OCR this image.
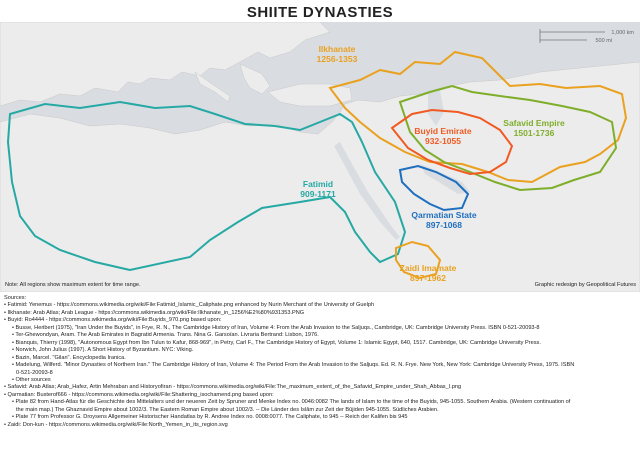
SHIITE DYNASTIES
Ilkhanate
1256-1353
Safavid Empire
1501-1736
Buyid Emirate
932-1055
Fatimid
909-1171
Qarmatian State
897-1068
Zaidi Imamate
897-1962
1,000 km
500 mi
Note: All regions show maximum extent for time range.	Graphic redesign by Geopolitical Futures
Sources:
• Fatimid: Yenemus - https://commons.wikimedia.org/wiki/File:Fatimid_Islamic_Caliphate.png enhanced by Nurin Merchant of the University of Guelph
• Ilkhanate: Arab Atlas; Arab League - https://commons.wikimedia.org/wiki/File:Ilkhanate_in_1256%E2%80%931353.PNG
• Buyid: Ro4444 - https://commons.wikimedia.org/wiki/File:Buyids_970.png based upon:
• Busse, Heribert (1975), "Iran Under the Buyids", in Frye, R. N., The Cambridge History of Iran, Volume 4: From the Arab Invasion to the Saljuqs., Cambridge, UK: Cambridge University Press. ISBN 0-521-20093-8
• Ter-Ghewondyan, Aram. The Arab Emirates in Bagratid Armenia. Trans. Nina G. Garsoïan. Livraria Bertrand: Lisbon, 1976.
• Bianquis, Thierry (1998), "Autonomous Egypt from Ibn Tulun to Kafur, 868-969", in Petry, Carl F., The Cambridge History of Egypt, Volume 1: Islamic Egypt, 640, 1517. Cambridge, UK: Cambridge University Press.
• Norwich, John Julius (1997). A Short History of Byzantium. NYC: Viking.
• Bazin, Marcel. "Gilan". Encyclopedia Iranica.
• Madelung, Wilferd. "Minor Dynasties of Northern Iran." The Cambridge History of Iran, Volume 4: The Period From the Arab Invasion to the Saljuqs. Ed. R. N. Frye. New York, New York: Cambridge University Press, 1975. ISBN
0-521-20093-8
• Other sources
• Safavid: Arab Atlas; Arab_Hafez, Artin Mehraban and Historyofiran - https://commons.wikimedia.org/wiki/File:The_maximum_extent_of_the_Safavid_Empire_under_Shah_Abbas_I.png
• Qarmatian: Busterof666 - https://commons.wikimedia.org/wiki/File:Shattering_isochamend.png based upon:
• Plate 82 from Hand-Atlas für die Geschichte des Mittelalters und der neueren Zeit by Spruner and Menke Index no. 0046:0082 The lands of Islam to the time of the Buyids, 945-1055. Southern Arabia. (Western continuation of
the main map.) The Ghaznavid Empire about 1002/3. The Eastern Roman Empire about 1002/3. -- Die Länder des Islâm zur Zeit der Bûjiden 945-1055. Südliches Arabien.
• Plate 77 from Professor G. Droysens Allgemeiner Historischer Handatlas by R. Andree Index no. 0008:0077. The Caliphate, to 945 -- Reich der Kalifen bis 945
• Zaidi: Don-kun - https://commons.wikimedia.org/wiki/File:North_Yemen_in_its_region.svg
